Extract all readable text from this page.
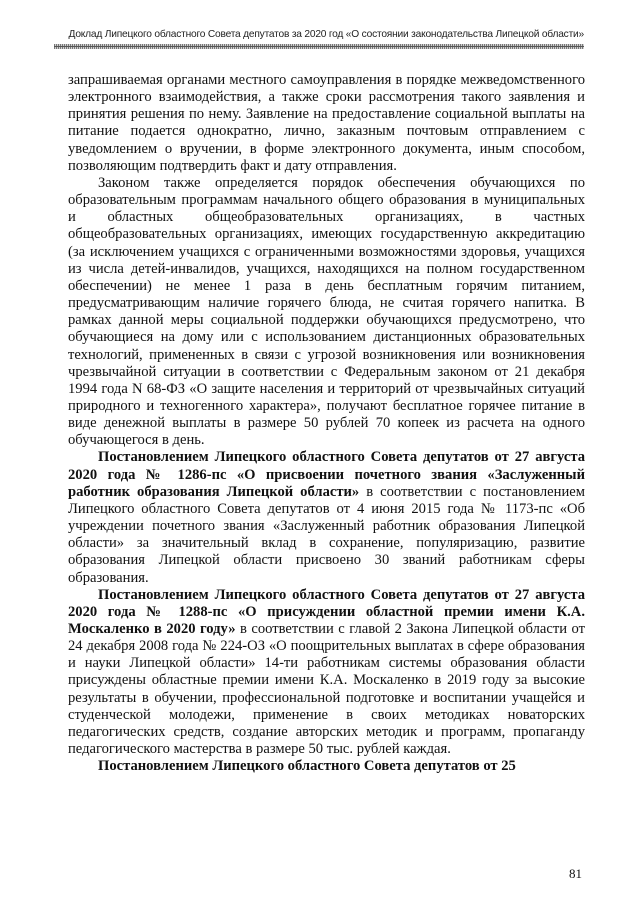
Доклад Липецкого областного Совета депутатов за 2020 год «О состоянии законодательства Липецкой области»

запрашиваемая органами местного самоуправления в порядке межведомственного электронного взаимодействия, а также сроки рассмотрения такого заявления и принятия решения по нему. Заявление на предоставление социальной выплаты на питание подается однократно, лично, заказным почтовым отправлением с уведомлением о вручении, в форме электронного документа, иным способом, позволяющим подтвердить факт и дату отправления.

Законом также определяется порядок обеспечения обучающихся по образовательным программам начального общего образования в муниципальных и областных общеобразовательных организациях, в частных общеобразовательных организациях, имеющих государственную аккредитацию (за исключением учащихся с ограниченными возможностями здоровья, учащихся из числа детей-инвалидов, учащихся, находящихся на полном государственном обеспечении) не менее 1 раза в день бесплатным горячим питанием, предусматривающим наличие горячего блюда, не считая горячего напитка. В рамках данной меры социальной поддержки обучающихся предусмотрено, что обучающиеся на дому или с использованием дистанционных образовательных технологий, примененных в связи с угрозой возникновения или возникновения чрезвычайной ситуации в соответствии с Федеральным законом от 21 декабря 1994 года N 68-ФЗ «О защите населения и территорий от чрезвычайных ситуаций природного и техногенного характера», получают бесплатное горячее питание в виде денежной выплаты в размере 50 рублей 70 копеек из расчета на одного обучающегося в день.

Постановлением Липецкого областного Совета депутатов от 27 августа 2020 года № 1286-пс «О присвоении почетного звания «Заслуженный работник образования Липецкой области» в соответствии с постановлением Липецкого областного Совета депутатов от 4 июня 2015 года № 1173-пс «Об учреждении почетного звания «Заслуженный работник образования Липецкой области» за значительный вклад в сохранение, популяризацию, развитие образования Липецкой области присвоено 30 званий работникам сферы образования.

Постановлением Липецкого областного Совета депутатов от 27 августа 2020 года № 1288-пс «О присуждении областной премии имени К.А. Москаленко в 2020 году» в соответствии с главой 2 Закона Липецкой области от 24 декабря 2008 года № 224-ОЗ «О поощрительных выплатах в сфере образования и науки Липецкой области» 14-ти работникам системы образования области присуждены областные премии имени К.А. Москаленко в 2019 году за высокие результаты в обучении, профессиональной подготовке и воспитании учащейся и студенческой молодежи, применение в своих методиках новаторских педагогических средств, создание авторских методик и программ, пропаганду педагогического мастерства в размере 50 тыс. рублей каждая.

Постановлением Липецкого областного Совета депутатов от 25

81
